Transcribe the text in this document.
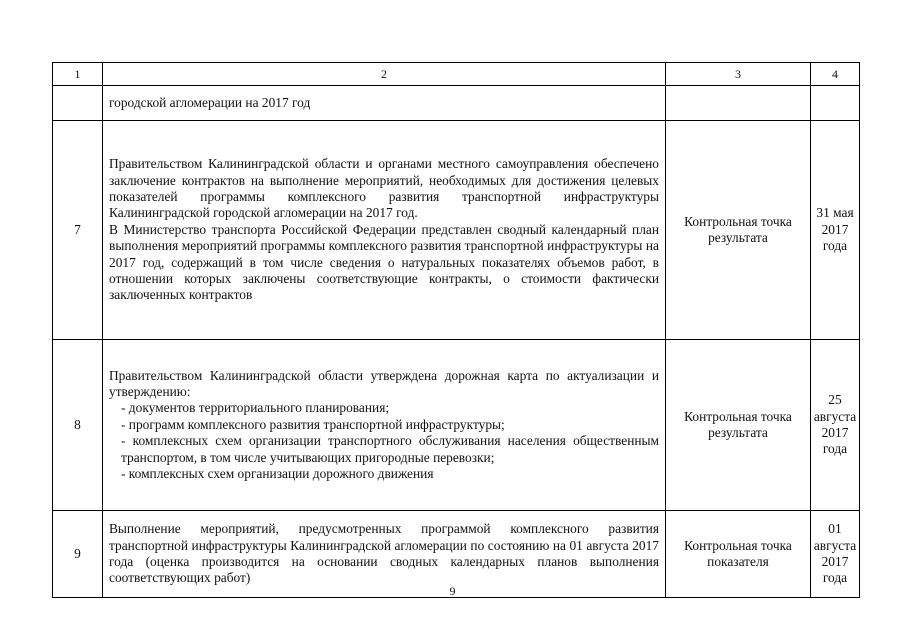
1	2	3	4
	городской агломерации на 2017 год		
7	Правительством Калининградской области и органами местного самоуправления обеспечено заключение контрактов на выполнение мероприятий, необходимых для достижения целевых показателей программы комплексного развития транспортной инфраструктуры Калининградской городской агломерации на 2017 год.

В Министерство транспорта Российской Федерации представлен сводный календарный план выполнения мероприятий программы комплексного развития транспортной инфраструктуры на 2017 год, содержащий в том числе сведения о натуральных показателях объемов работ, в отношении которых заключены соответствующие контракты, о стоимости фактически заключенных контрактов	Контрольная точка результата	31 мая 2017 года
8	Правительством Калининградской области утверждена дорожная карта по актуализации и утверждению:

- документов территориального планирования;

- программ комплексного развития транспортной инфраструктуры;

- комплексных схем организации транспортного обслуживания населения общественным транспортом, в том числе учитывающих пригородные перевозки;

- комплексных схем организации дорожного движения	Контрольная точка результата	25 августа 2017 года
9	Выполнение мероприятий, предусмотренных программой комплексного развития транспортной инфраструктуры Калининградской агломерации по состоянию на 01 августа 2017 года (оценка производится на основании сводных календарных планов выполнения соответствующих работ)	Контрольная точка показателя	01 августа 2017 года
9
